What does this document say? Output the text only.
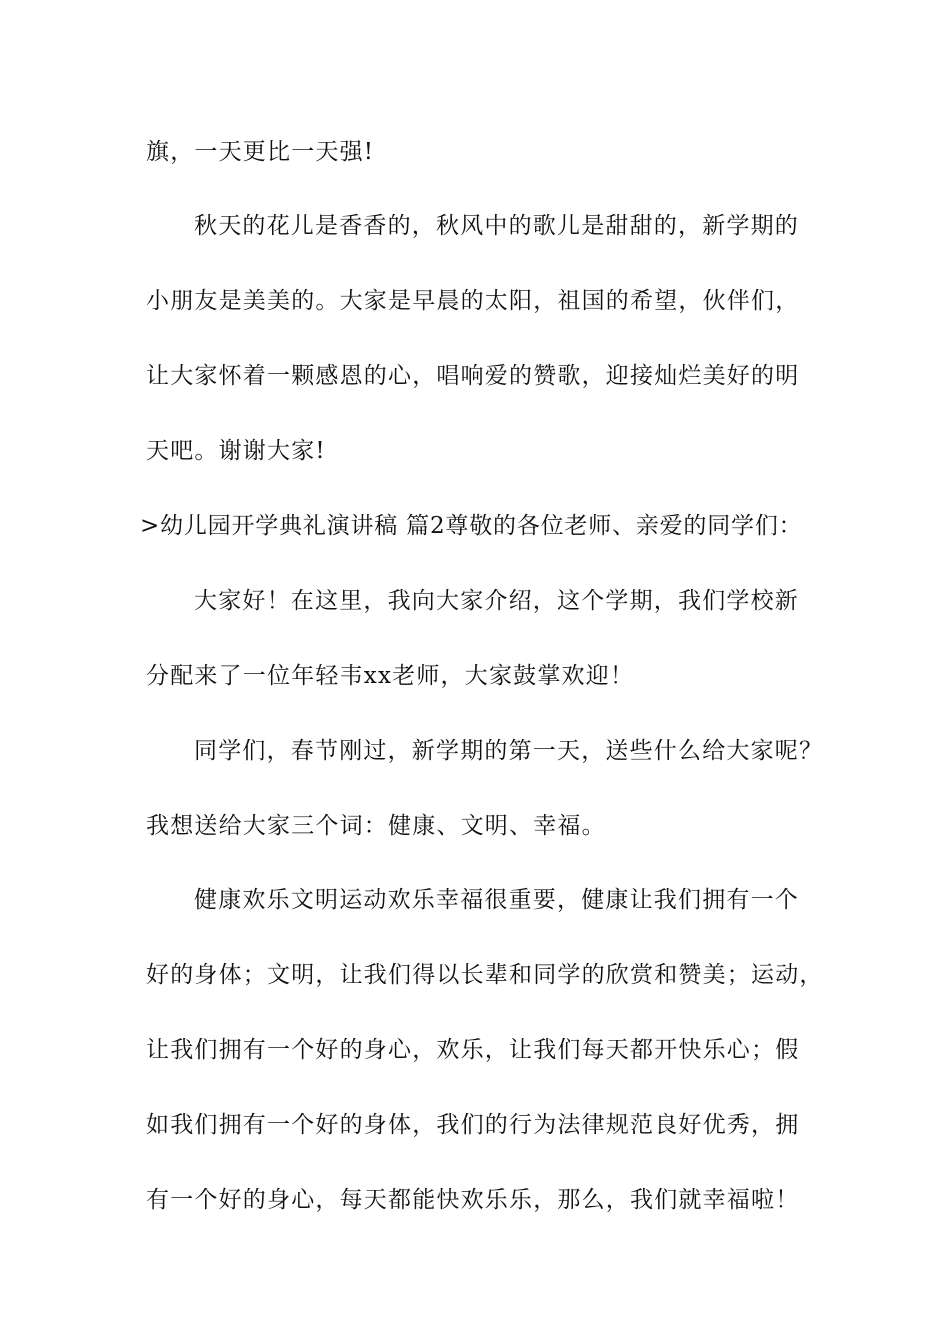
旗，一天更比一天强!
秋天的花儿是香香的，秋风中的歌儿是甜甜的，新学期的
小朋友是美美的。大家是早晨的太阳，祖国的希望，伙伴们，
让大家怀着一颗感恩的心，唱响爱的赞歌，迎接灿烂美好的明
天吧。谢谢大家!
>幼儿园开学典礼演讲稿 篇2尊敬的各位老师、亲爱的同学们：
大家好！在这里，我向大家介绍，这个学期，我们学校新
分配来了一位年轻韦xx老师，大家鼓掌欢迎！
同学们，春节刚过，新学期的第一天，送些什么给大家呢？
我想送给大家三个词：健康、文明、幸福。
健康欢乐文明运动欢乐幸福很重要，健康让我们拥有一个
好的身体；文明，让我们得以长辈和同学的欣赏和赞美；运动，
让我们拥有一个好的身心，欢乐，让我们每天都开快乐心；假
如我们拥有一个好的身体，我们的行为法律规范良好优秀，拥
有一个好的身心，每天都能快欢乐乐，那么，我们就幸福啦！
